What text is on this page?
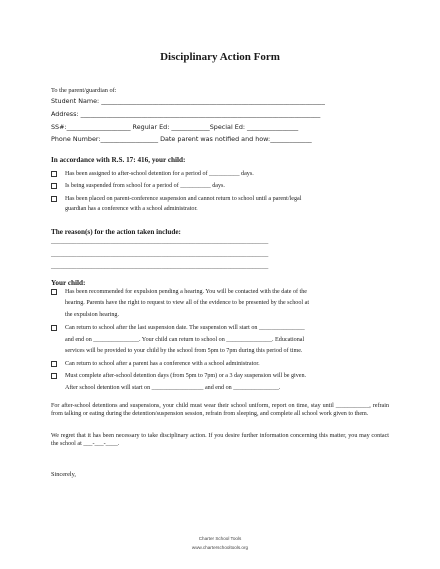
Disciplinary Action Form
To the parent/guardian of:
Student Name: ______________________________________________________________________
Address: ___________________________________________________________________________
SS#:____________________ Regular Ed: ____________Special Ed: ________________
Phone Number:__________________ Date parent was notified and how:_____________
In accordance with R.S. 17: 416, your child:
Has been assigned to after-school detention for a period of __________ days.
Is being suspended from school for a period of __________ days.
Has been placed on parent-conference suspension and cannot return to school until a parent/legal
guardian has a conference with a school administrator.
The reason(s) for the action taken include:
_____________________________________________________________________
_____________________________________________________________________
_____________________________________________________________________
Your child:
Has been recommended for expulsion pending a hearing. You will be contacted with the date of the
hearing. Parents have the right to request to view all of the evidence to be presented by the school at
the expulsion hearing.
Can return to school after the last suspension date. The suspension will start on _______________
and end on _______________. Your child can return to school on _______________. Educational
services will be provided to your child by the school from 5pm to 7pm during this period of time.
Can return to school after a parent has a conference with a school administrator.
Must complete after-school detention days (from 5pm to 7pm) or a 3 day suspension will be given.
After school detention will start on _________________ and end on _______________.
For after-school detentions and suspensions, your child must wear their school uniform, report on time, stay until ___________, refrain from talking or eating during the detention/suspension session, refrain from sleeping, and complete all school work given to them.
We regret that it has been necessary to take disciplinary action. If you desire further information concerning this matter, you may contact the school at ___-___-____.
Sincerely,
Charter School Tools
www.charterschooltools.org
